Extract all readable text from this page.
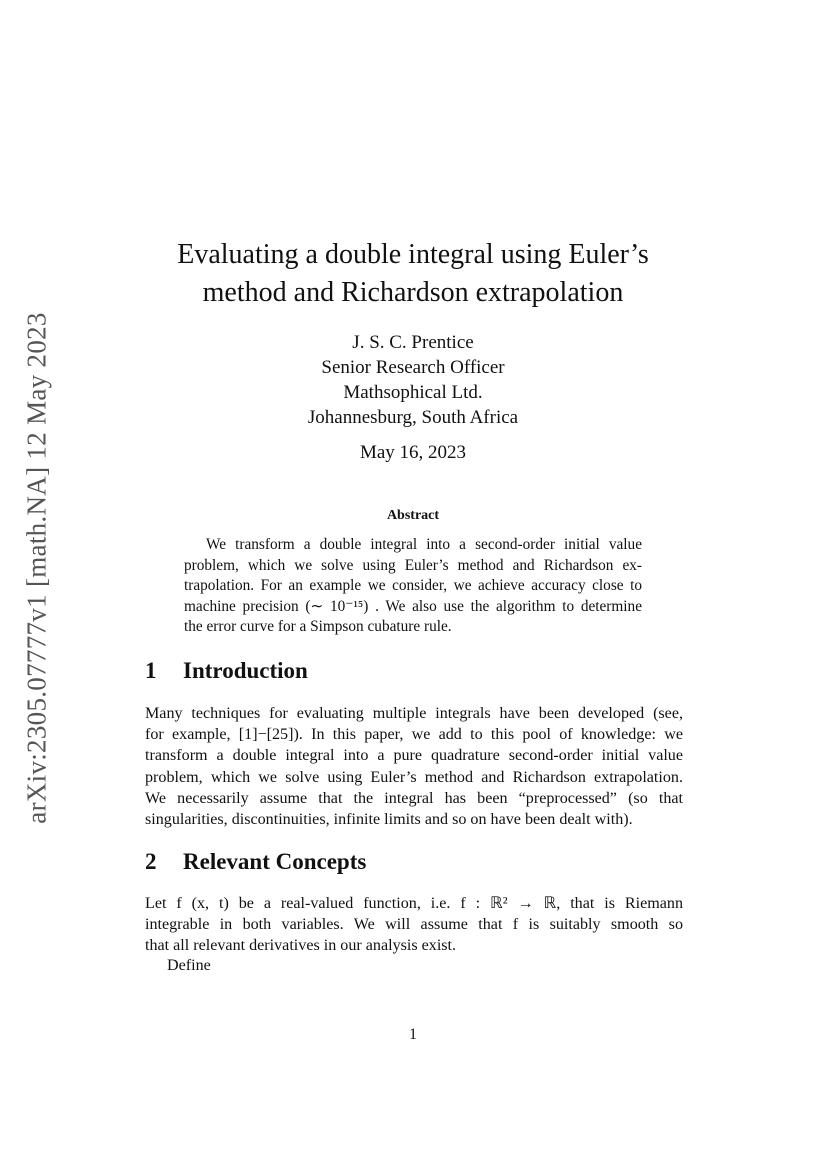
arXiv:2305.07777v1 [math.NA] 12 May 2023
Evaluating a double integral using Euler’s
method and Richardson extrapolation
J. S. C. Prentice
Senior Research Officer
Mathsophical Ltd.
Johannesburg, South Africa
May 16, 2023
Abstract
We transform a double integral into a second-order initial value
problem, which we solve using Euler’s method and Richardson ex-
trapolation. For an example we consider, we achieve accuracy close to
machine precision (∼ 10⁻¹⁵) . We also use the algorithm to determine
the error curve for a Simpson cubature rule.
1 Introduction
Many techniques for evaluating multiple integrals have been developed (see,
for example, [1]−[25]). In this paper, we add to this pool of knowledge: we
transform a double integral into a pure quadrature second-order initial value
problem, which we solve using Euler’s method and Richardson extrapolation.
We necessarily assume that the integral has been “preprocessed” (so that
singularities, discontinuities, infinite limits and so on have been dealt with).
2 Relevant Concepts
Let f (x, t) be a real-valued function, i.e. f : ℝ² → ℝ, that is Riemann
integrable in both variables. We will assume that f is suitably smooth so
that all relevant derivatives in our analysis exist.
Define
1
